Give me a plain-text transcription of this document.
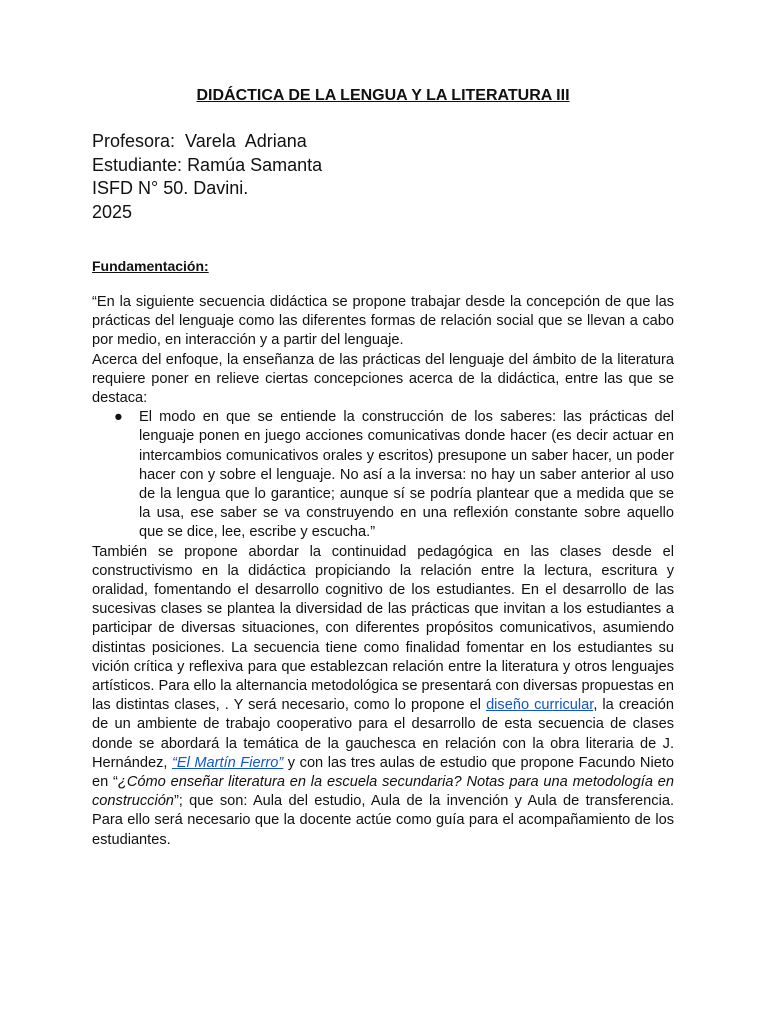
DIDÁCTICA DE LA LENGUA Y LA LITERATURA III
Profesora:  Varela  Adriana
Estudiante: Ramúa Samanta
ISFD N° 50. Davini.
2025
Fundamentación:

“En la siguiente secuencia didáctica se propone trabajar desde la concepción de que las prácticas del lenguaje como las diferentes formas de relación social que se llevan a cabo por medio, en interacción y a partir del lenguaje.

Acerca del enfoque, la enseñanza de las prácticas del lenguaje del ámbito de la literatura requiere poner en relieve ciertas concepciones acerca de la didáctica, entre las que se destaca:

● El modo en que se entiende la construcción de los saberes: las prácticas del lenguaje ponen en juego acciones comunicativas donde hacer (es decir actuar en intercambios comunicativos orales y escritos) presupone un saber hacer, un poder hacer con y sobre el lenguaje. No así a la inversa: no hay un saber anterior al uso de la lengua que lo garantice; aunque sí se podría plantear que a medida que se la usa, ese saber se va construyendo en una reflexión constante sobre aquello que se dice, lee, escribe y escucha.”

También se propone abordar la continuidad pedagógica en las clases desde el constructivismo en la didáctica propiciando la relación entre la lectura, escritura y oralidad, fomentando el desarrollo cognitivo de los estudiantes. En el desarrollo de las sucesivas clases se plantea la diversidad de las prácticas que invitan a los estudiantes a participar de diversas situaciones, con diferentes propósitos comunicativos, asumiendo distintas posiciones. La secuencia tiene como finalidad fomentar en los estudiantes su vición crítica y reflexiva para que establezcan relación entre la literatura y otros lenguajes artísticos. Para ello la alternancia metodológica se presentará con diversas propuestas en las distintas clases, . Y será necesario, como lo propone el diseño curricular, la creación de un ambiente de trabajo cooperativo para el desarrollo de esta secuencia de clases donde se abordará la temática de la gauchesca en relación con la obra literaria de J. Hernández, “El Martín Fierro” y con las tres aulas de estudio que propone Facundo Nieto en “¿Cómo enseñar literatura en la escuela secundaria? Notas para una metodología en construcción”; que son: Aula del estudio, Aula de la invención y Aula de transferencia. Para ello será necesario que la docente actúe como guía para el acompañamiento de los estudiantes.
